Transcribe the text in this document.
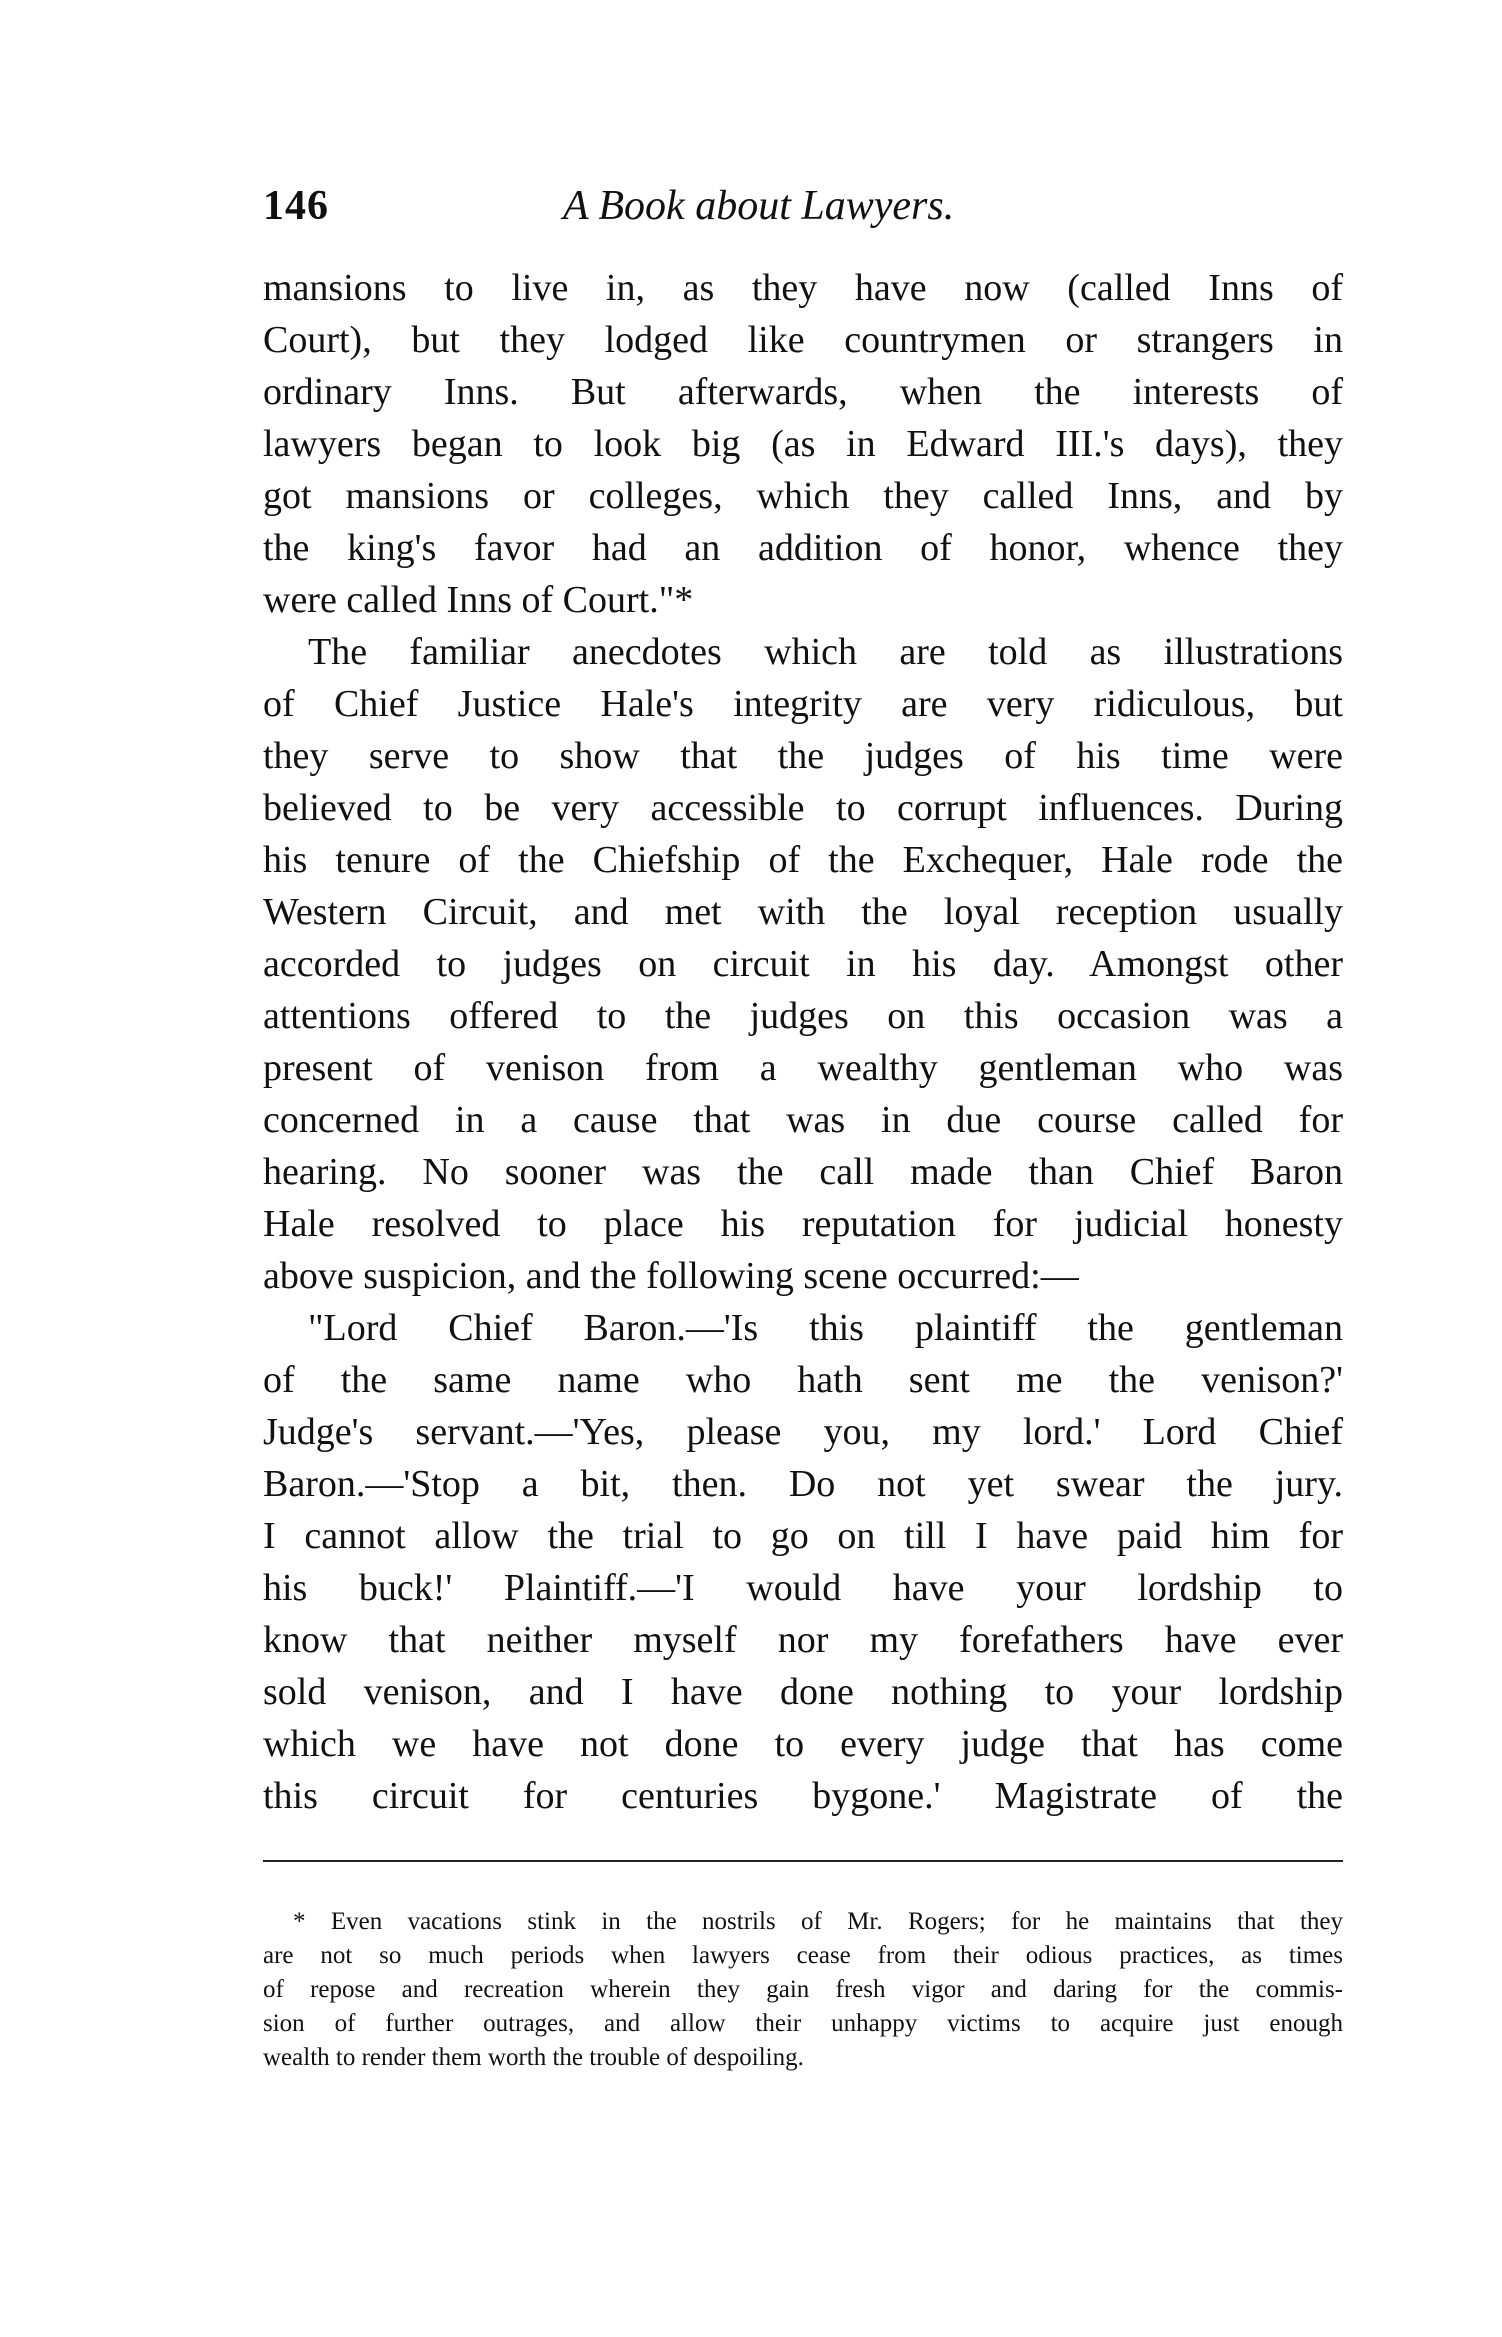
146	A Book about Lawyers.
mansions to live in, as they have now (called Inns of
Court), but they lodged like countrymen or strangers in
ordinary Inns. But afterwards, when the interests of
lawyers began to look big (as in Edward III.'s days), they
got mansions or colleges, which they called Inns, and by
the king's favor had an addition of honor, whence they
were called Inns of Court."*
The familiar anecdotes which are told as illustrations
of Chief Justice Hale's integrity are very ridiculous, but
they serve to show that the judges of his time were
believed to be very accessible to corrupt influences. During
his tenure of the Chiefship of the Exchequer, Hale rode the
Western Circuit, and met with the loyal reception usually
accorded to judges on circuit in his day. Amongst other
attentions offered to the judges on this occasion was a
present of venison from a wealthy gentleman who was
concerned in a cause that was in due course called for
hearing. No sooner was the call made than Chief Baron
Hale resolved to place his reputation for judicial honesty
above suspicion, and the following scene occurred:—
"Lord Chief Baron.—'Is this plaintiff the gentleman
of the same name who hath sent me the venison?'
Judge's servant.—'Yes, please you, my lord.' Lord Chief
Baron.—'Stop a bit, then. Do not yet swear the jury.
I cannot allow the trial to go on till I have paid him for
his buck!' Plaintiff.—'I would have your lordship to
know that neither myself nor my forefathers have ever
sold venison, and I have done nothing to your lordship
which we have not done to every judge that has come
this circuit for centuries bygone.' Magistrate of the
* Even vacations stink in the nostrils of Mr. Rogers; for he maintains that they
are not so much periods when lawyers cease from their odious practices, as times
of repose and recreation wherein they gain fresh vigor and daring for the commis-
sion of further outrages, and allow their unhappy victims to acquire just enough
wealth to render them worth the trouble of despoiling.
